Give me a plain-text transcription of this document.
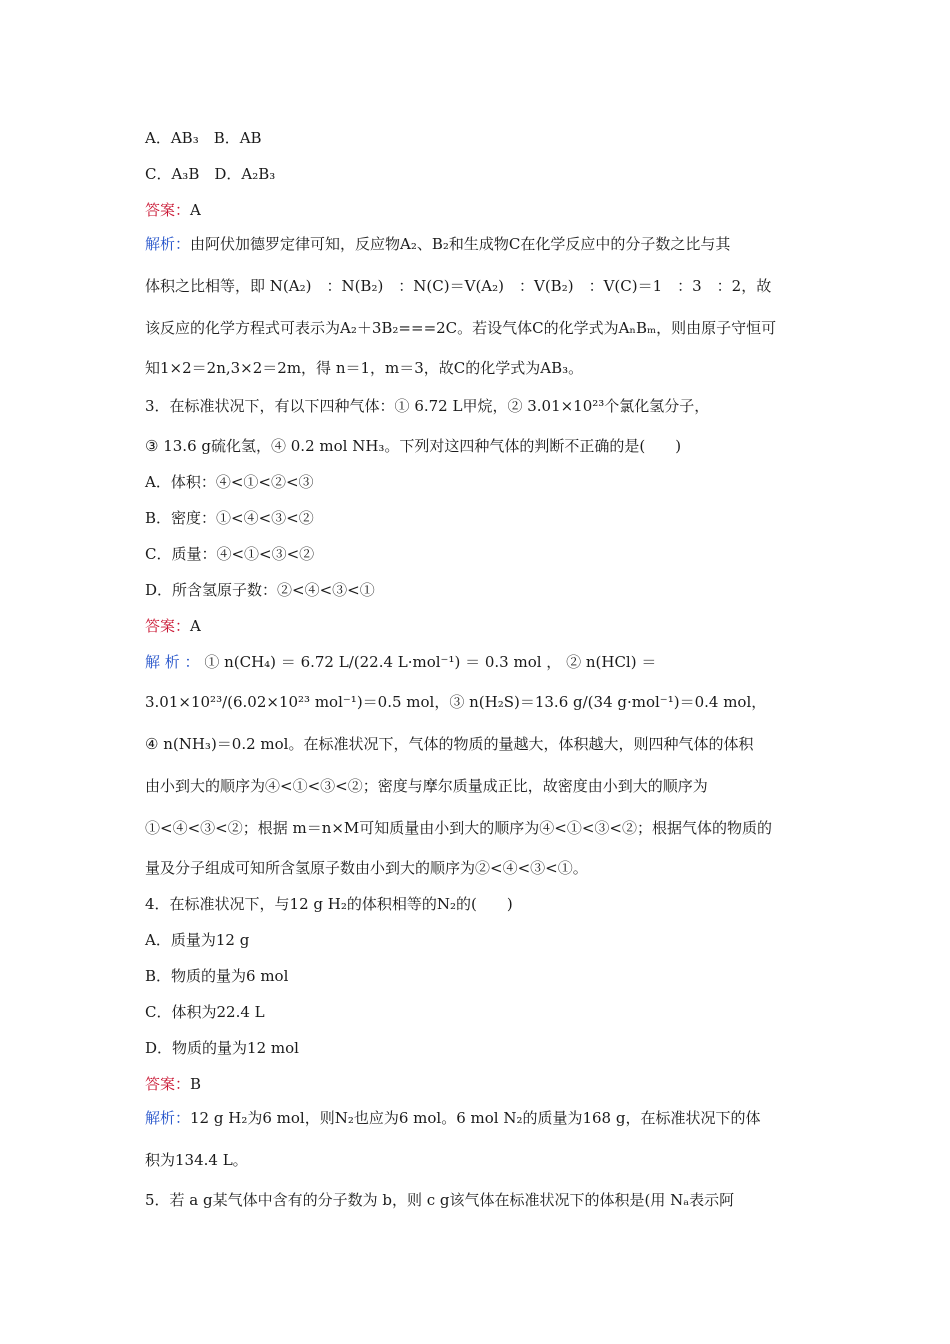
A．AB₃　B．AB
C．A₃B　D．A₂B₃
答案：A
解析：由阿伏加德罗定律可知，反应物A₂、B₂和生成物C在化学反应中的分子数之比与其
体积之比相等，即 N(A₂)　：N(B₂)　：N(C)＝V(A₂)　：V(B₂)　：V(C)＝1　：3　：2，故
该反应的化学方程式可表示为A₂＋3B₂===2C。若设气体C的化学式为AₙBₘ，则由原子守恒可
知1×2＝2n,3×2＝2m，得 n＝1，m＝3，故C的化学式为AB₃。
3．在标准状况下，有以下四种气体：① 6.72 L甲烷，② 3.01×10²³个氯化氢分子，
③ 13.6 g硫化氢，④ 0.2 mol NH₃。下列对这四种气体的判断不正确的是(　　)
A．体积：④<①<②<③
B．密度：①<④<③<②
C．质量：④<①<③<②
D．所含氢原子数：②<④<③<①
答案：A
解 析 ： ① n(CH₄) ＝ 6.72 L/(22.4 L·mol⁻¹) ＝ 0.3 mol ， ② n(HCl) ＝
3.01×10²³/(6.02×10²³ mol⁻¹)＝0.5 mol，③ n(H₂S)＝13.6 g/(34 g·mol⁻¹)＝0.4 mol，
④ n(NH₃)＝0.2 mol。在标准状况下，气体的物质的量越大，体积越大，则四种气体的体积
由小到大的顺序为④<①<③<②；密度与摩尔质量成正比，故密度由小到大的顺序为
①<④<③<②；根据 m＝n×M可知质量由小到大的顺序为④<①<③<②；根据气体的物质的
量及分子组成可知所含氢原子数由小到大的顺序为②<④<③<①。
4．在标准状况下，与12 g H₂的体积相等的N₂的(　　)
A．质量为12 g
B．物质的量为6 mol
C．体积为22.4 L
D．物质的量为12 mol
答案：B
解析：12 g H₂为6 mol，则N₂也应为6 mol。6 mol N₂的质量为168 g，在标准状况下的体
积为134.4 L。
5．若 a g某气体中含有的分子数为 b，则 c g该气体在标准状况下的体积是(用 Nₐ表示阿
